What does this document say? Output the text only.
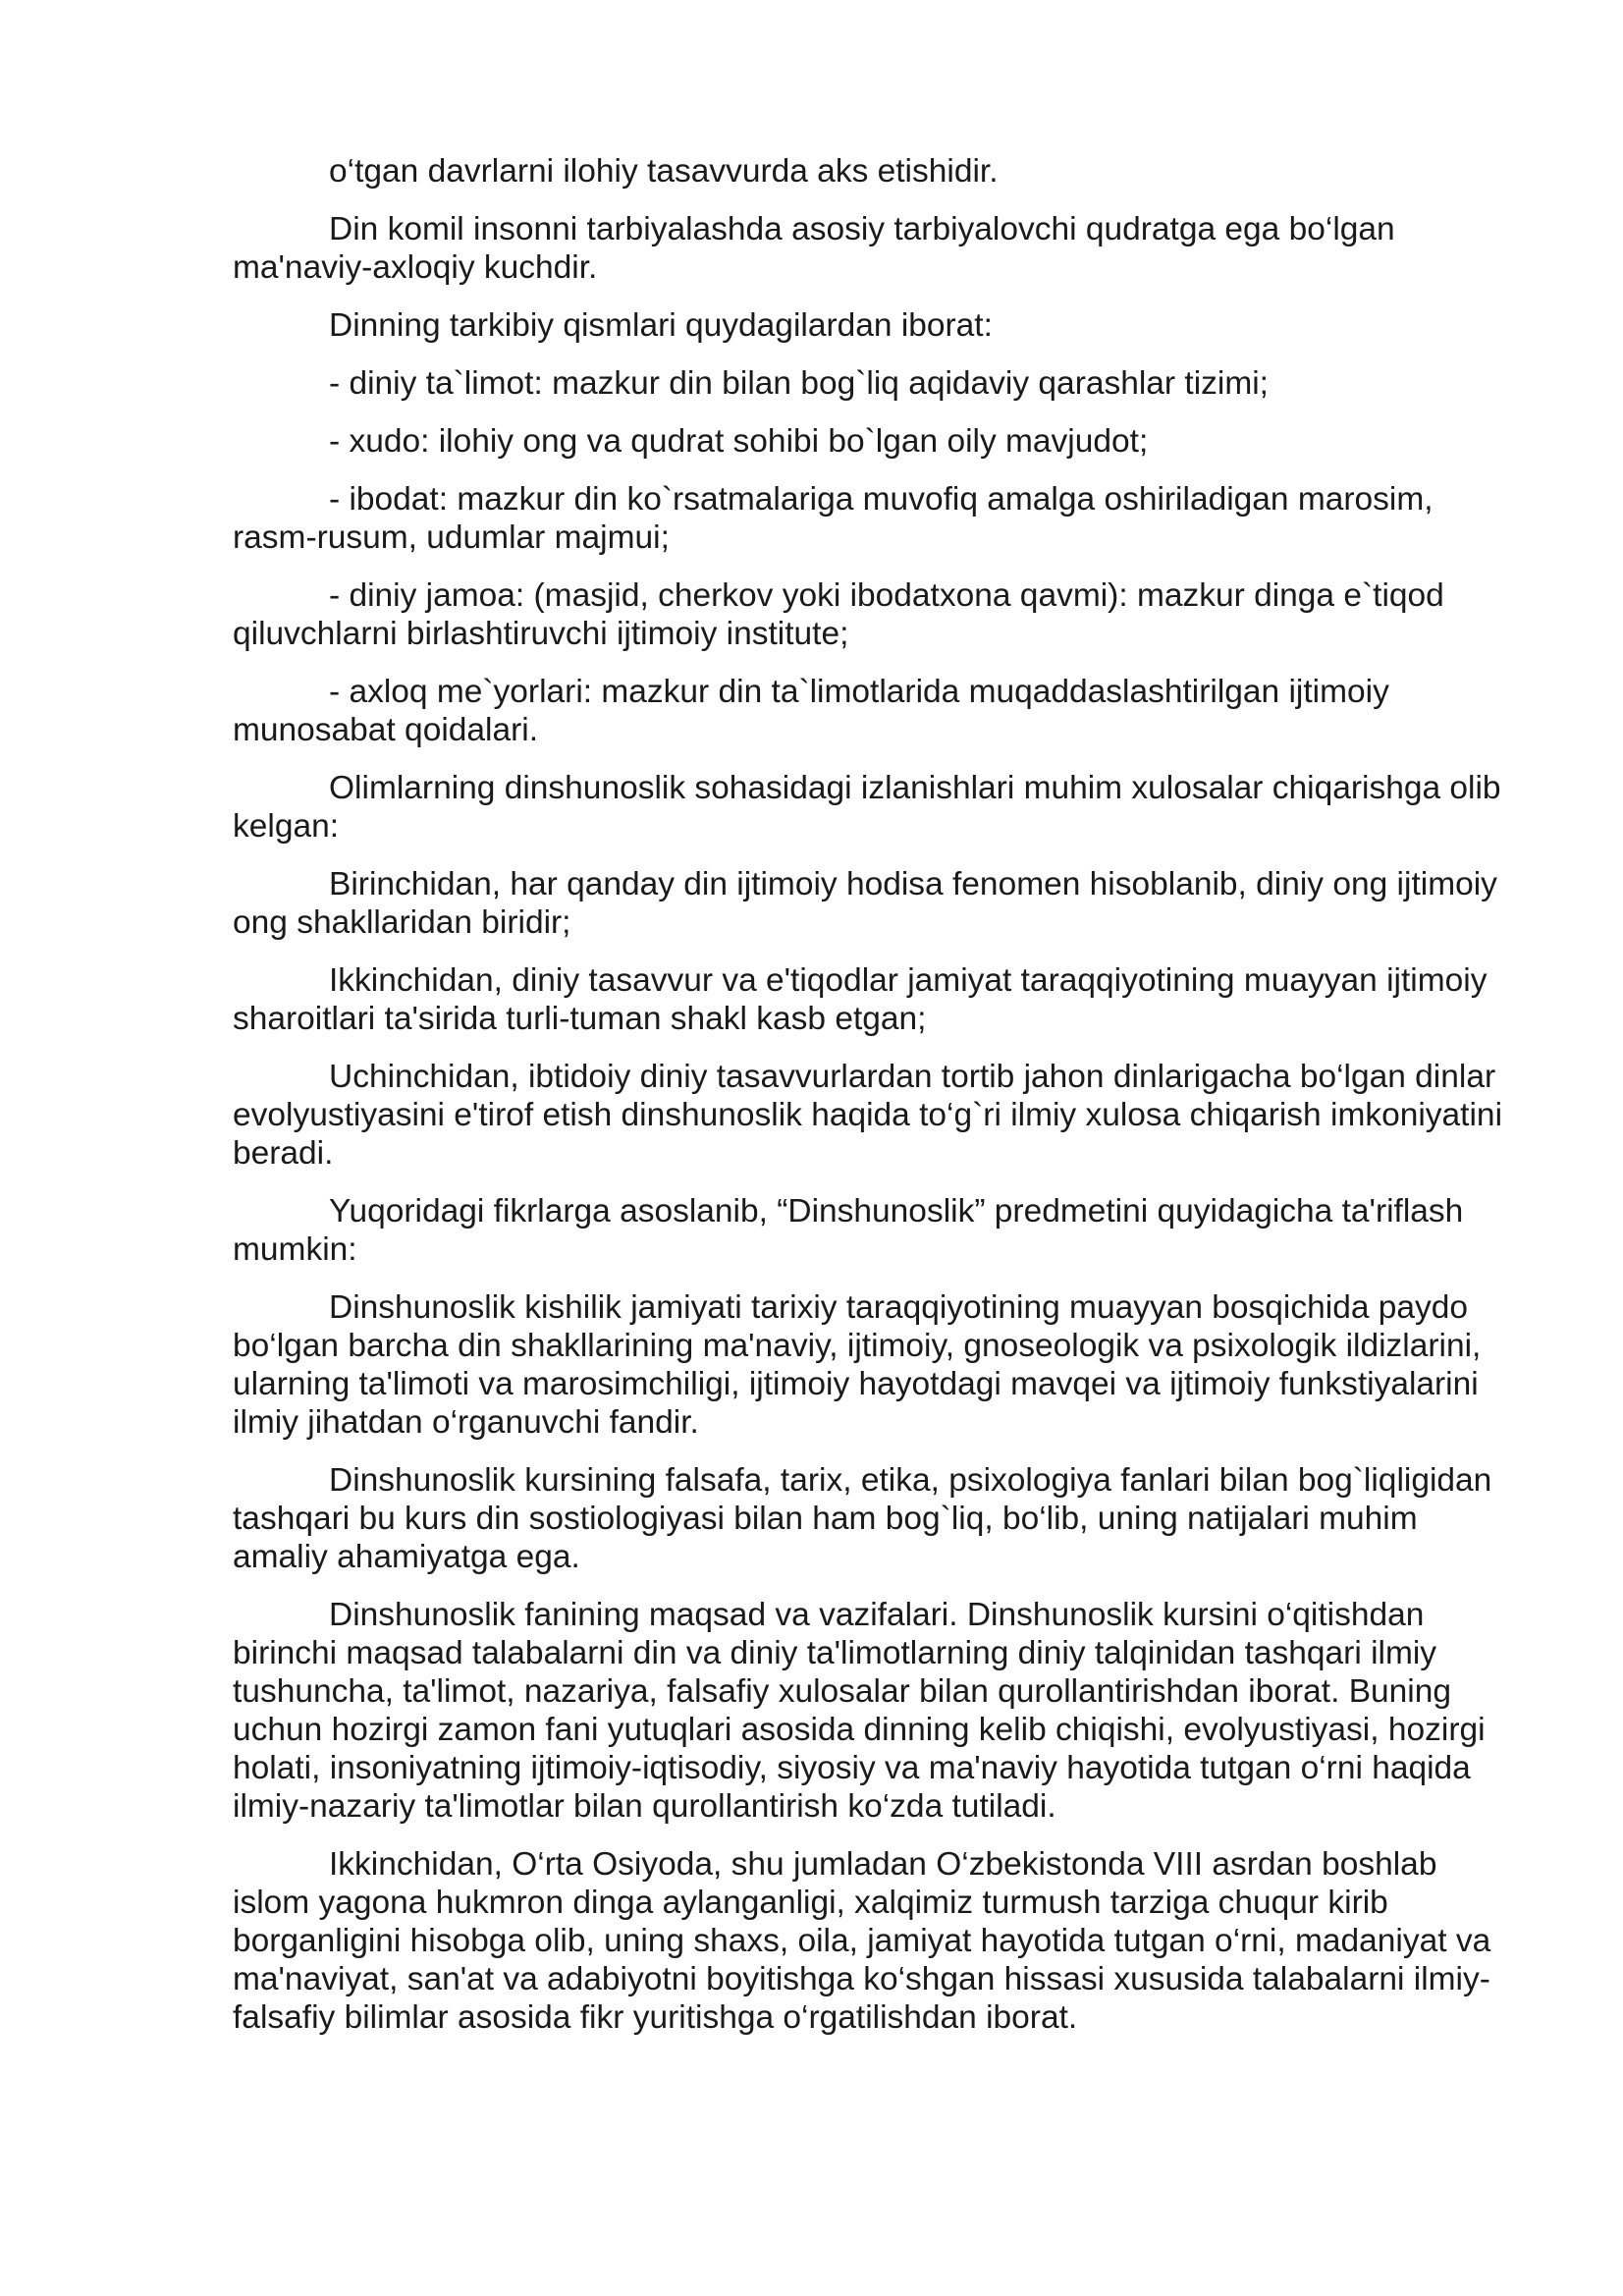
o‘tgan davrlarni ilohiy tasavvurda aks etishidir.

Din komil insonni tarbiyalashda asosiy tarbiyalovchi qudratga ega bo‘lgan ma'naviy-axloqiy kuchdir.

Dinning tarkibiy qismlari quydagilardan iborat:

- diniy ta`limot: mazkur din bilan bog`liq aqidaviy qarashlar tizimi;

- xudo: ilohiy ong va qudrat sohibi bo`lgan oily mavjudot;

- ibodat: mazkur din ko`rsatmalariga muvofiq amalga oshiriladigan marosim, rasm-rusum, udumlar majmui;

- diniy jamoa: (masjid, cherkov yoki ibodatxona qavmi): mazkur dinga e`tiqod qiluvchlarni birlashtiruvchi ijtimoiy institute;

- axloq me`yorlari: mazkur din ta`limotlarida muqaddaslashtirilgan ijtimoiy munosabat qoidalari.

Olimlarning dinshunoslik sohasidagi izlanishlari muhim xulosalar chiqarishga olib kelgan:

Birinchidan, har qanday din ijtimoiy hodisa fenomen hisoblanib, diniy ong ijtimoiy ong shakllaridan biridir;

Ikkinchidan, diniy tasavvur va e'tiqodlar jamiyat taraqqiyotining muayyan ijtimoiy sharoitlari ta'sirida turli-tuman shakl kasb etgan;

Uchinchidan, ibtidoiy diniy tasavvurlardan tortib jahon dinlarigacha bo‘lgan dinlar evolyustiyasini e'tirof etish dinshunoslik haqida to‘g`ri ilmiy xulosa chiqarish imkoniyatini beradi.

Yuqoridagi fikrlarga asoslanib, “Dinshunoslik” predmetini quyidagicha ta'riflash mumkin:

Dinshunoslik kishilik jamiyati tarixiy taraqqiyotining muayyan bosqichida paydo bo‘lgan barcha din shakllarining ma'naviy, ijtimoiy, gnoseologik va psixologik ildizlarini, ularning ta'limoti va marosimchiligi, ijtimoiy hayotdagi mavqei va ijtimoiy funkstiyalarini ilmiy jihatdan o‘rganuvchi fandir.

Dinshunoslik kursining falsafa, tarix, etika, psixologiya fanlari bilan bog`liqligidan tashqari bu kurs din sostiologiyasi bilan ham bog`liq, bo‘lib, uning natijalari muhim amaliy ahamiyatga ega.

Dinshunoslik fanining maqsad va vazifalari. Dinshunoslik kursini o‘qitishdan birinchi maqsad talabalarni din va diniy ta'limotlarning diniy talqinidan tashqari ilmiy tushuncha, ta'limot, nazariya, falsafiy xulosalar bilan qurollantirishdan iborat. Buning uchun hozirgi zamon fani yutuqlari asosida dinning kelib chiqishi, evolyustiyasi, hozirgi holati, insoniyatning ijtimoiy-iqtisodiy, siyosiy va ma'naviy hayotida tutgan o‘rni haqida ilmiy-nazariy ta'limotlar bilan qurollantirish ko‘zda tutiladi.

Ikkinchidan, O‘rta Osiyoda, shu jumladan O‘zbekistonda VIII asrdan boshlab islom yagona hukmron dinga aylanganligi, xalqimiz turmush tarziga chuqur kirib borganligini hisobga olib, uning shaxs, oila, jamiyat hayotida tutgan o‘rni, madaniyat va ma'naviyat, san'at va adabiyotni boyitishga ko‘shgan hissasi xususida talabalarni ilmiy-falsafiy bilimlar asosida fikr yuritishga o‘rgatilishdan iborat.
